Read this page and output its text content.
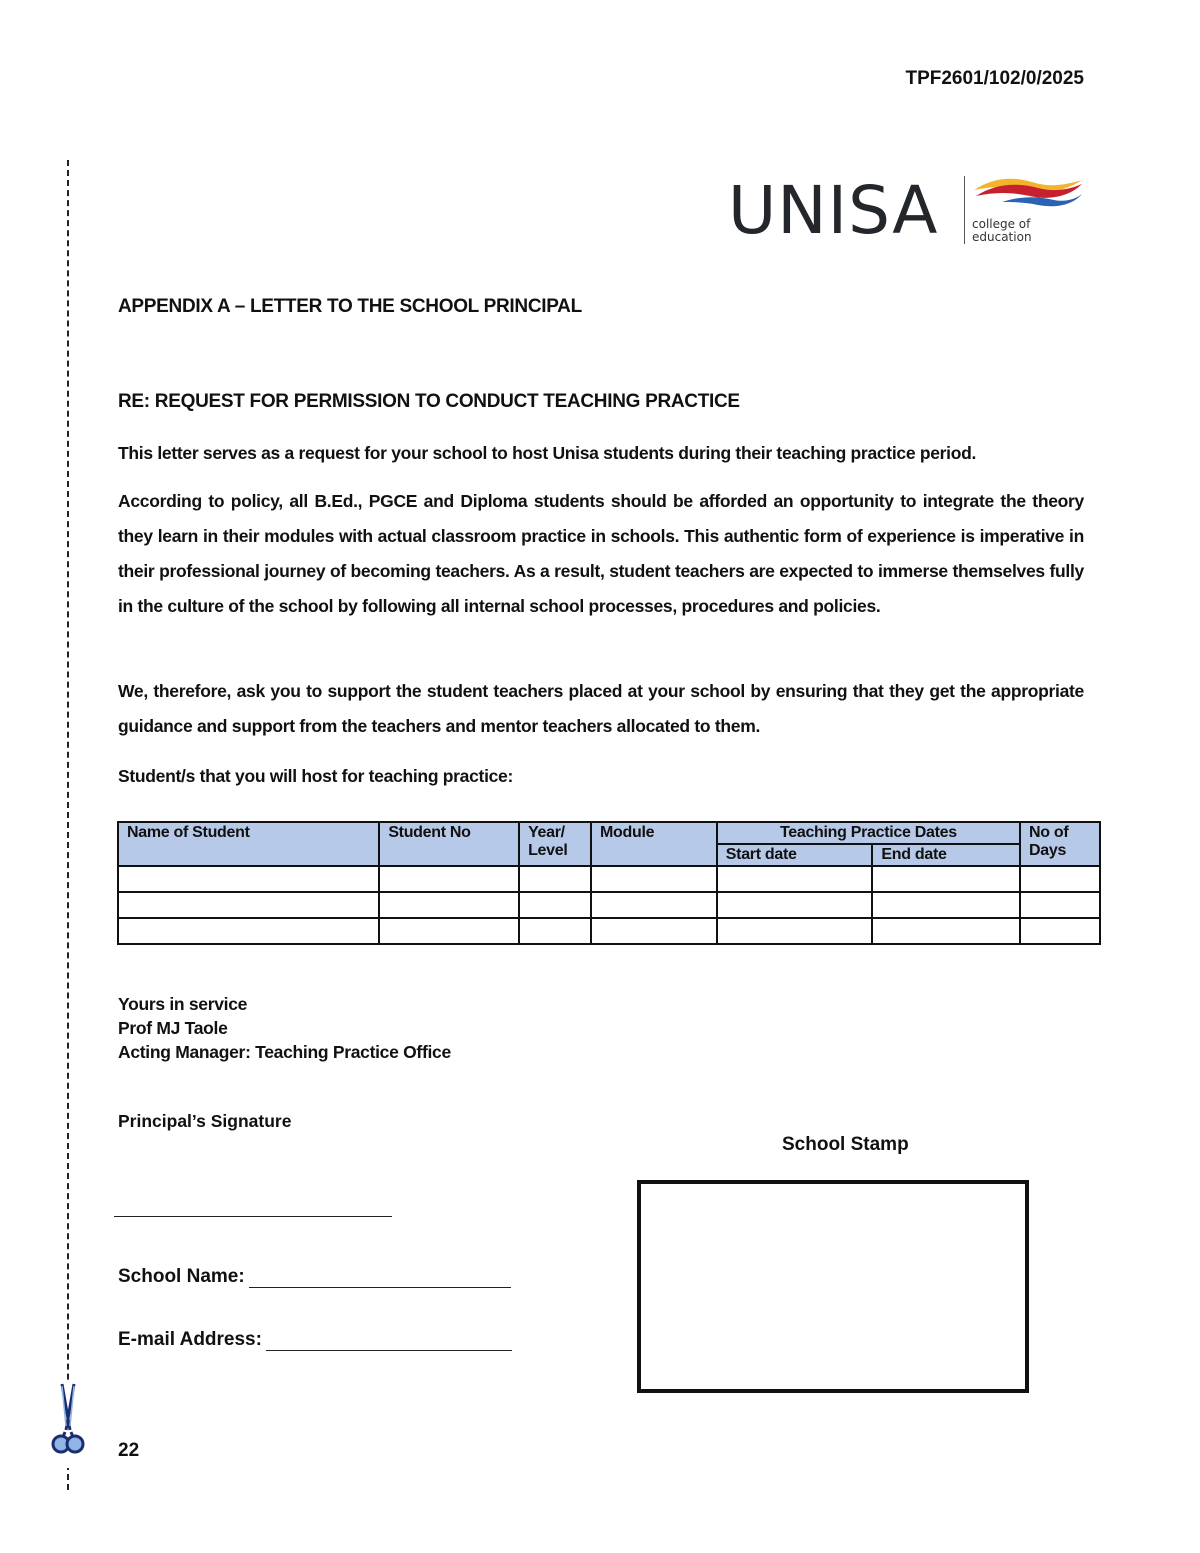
TPF2601/102/0/2025
UNISA	college of
education
APPENDIX A – LETTER TO THE SCHOOL PRINCIPAL
RE: REQUEST FOR PERMISSION TO CONDUCT TEACHING PRACTICE

This letter serves as a request for your school to host Unisa students during their teaching practice period.

According to policy, all B.Ed., PGCE and Diploma students should be afforded an opportunity to integrate the theory they learn in their modules with actual classroom practice in schools. This authentic form of experience is imperative in their professional journey of becoming teachers. As a result, student teachers are expected to immerse themselves fully in the culture of the school by following all internal school processes, procedures and policies.

We, therefore, ask you to support the student teachers placed at your school by ensuring that they get the appropriate guidance and support from the teachers and mentor teachers allocated to them.

Student/s that you will host for teaching practice:

Name of Student	Student No	Year/ Level	Module	Teaching Practice Dates		No of Days
				Start date	End date	

Yours in service
Prof MJ Taole
Acting Manager: Teaching Practice Office
Principal’s Signature
School Name:
E-mail Address:
School Stamp
22
